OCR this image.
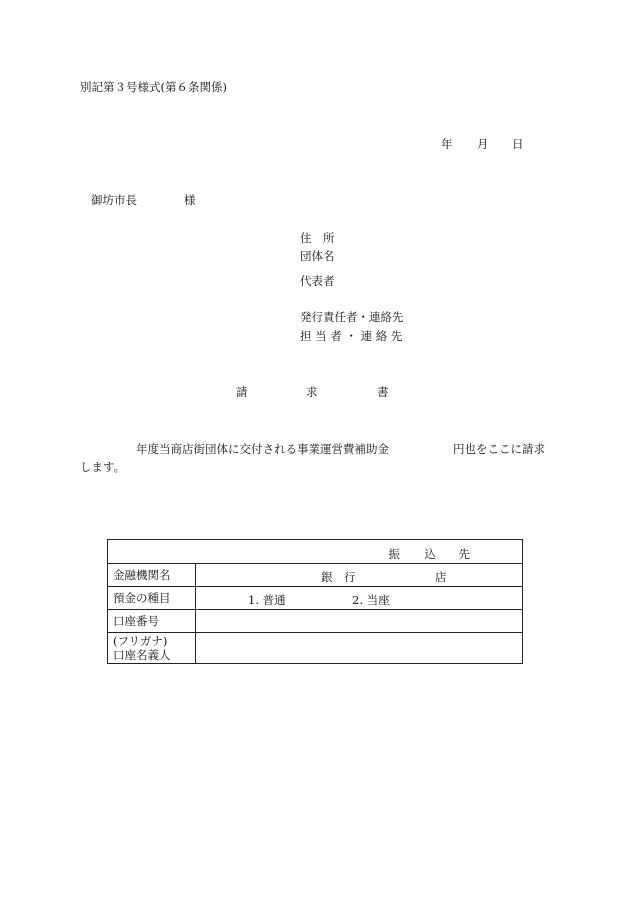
別記第３号様式(第６条関係)
年 月 日
御坊市長	様
住　所
団体名
代表者
発行責任者・連絡先
担 当 者 ・ 連 絡 先
請	求	書
年度当商店街団体に交付される事業運営費補助金	円也をここに請求
します。
振 込 先	

金融機関名	銀　行 店

預金の種目	1. 普通 2. 当座

口座番号	
(フリガナ)
口座名義人	
